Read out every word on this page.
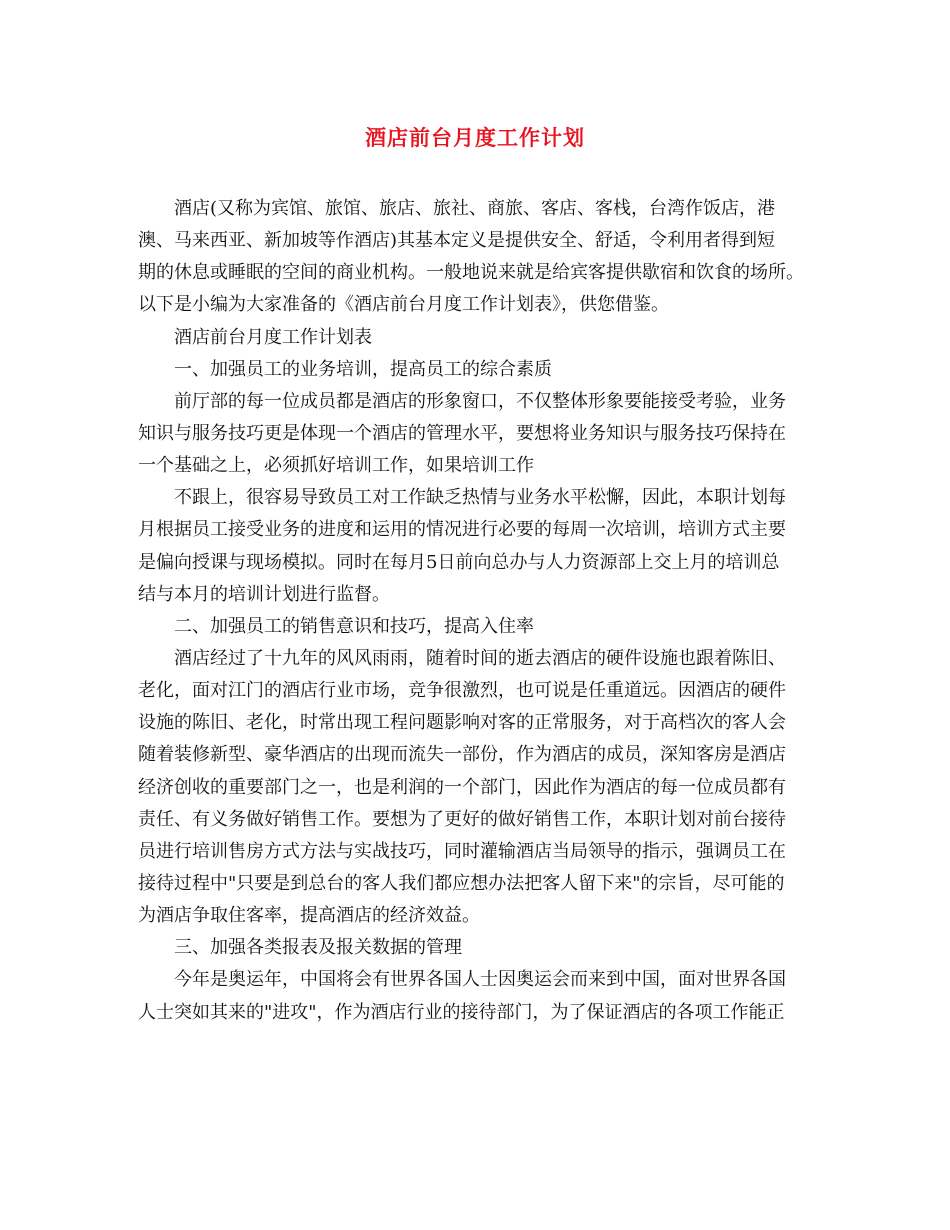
酒店前台月度工作计划
酒店(又称为宾馆、旅馆、旅店、旅社、商旅、客店、客栈，台湾作饭店，港
澳、马来西亚、新加坡等作酒店)其基本定义是提供安全、舒适，令利用者得到短
期的休息或睡眠的空间的商业机构。一般地说来就是给宾客提供歇宿和饮食的场所。
以下是小编为大家准备的《酒店前台月度工作计划表》，供您借鉴。
酒店前台月度工作计划表
一、加强员工的业务培训，提高员工的综合素质
前厅部的每一位成员都是酒店的形象窗口，不仅整体形象要能接受考验，业务
知识与服务技巧更是体现一个酒店的管理水平，要想将业务知识与服务技巧保持在
一个基础之上，必须抓好培训工作，如果培训工作
不跟上，很容易导致员工对工作缺乏热情与业务水平松懈，因此，本职计划每
月根据员工接受业务的进度和运用的情况进行必要的每周一次培训，培训方式主要
是偏向授课与现场模拟。同时在每月5日前向总办与人力资源部上交上月的培训总
结与本月的培训计划进行监督。
二、加强员工的销售意识和技巧，提高入住率
酒店经过了十九年的风风雨雨，随着时间的逝去酒店的硬件设施也跟着陈旧、
老化，面对江门的酒店行业市场，竞争很激烈，也可说是任重道远。因酒店的硬件
设施的陈旧、老化，时常出现工程问题影响对客的正常服务，对于高档次的客人会
随着装修新型、豪华酒店的出现而流失一部份，作为酒店的成员，深知客房是酒店
经济创收的重要部门之一，也是利润的一个部门，因此作为酒店的每一位成员都有
责任、有义务做好销售工作。要想为了更好的做好销售工作，本职计划对前台接待
员进行培训售房方式方法与实战技巧，同时灌输酒店当局领导的指示，强调员工在
接待过程中"只要是到总台的客人我们都应想办法把客人留下来"的宗旨，尽可能的
为酒店争取住客率，提高酒店的经济效益。
三、加强各类报表及报关数据的管理
今年是奥运年，中国将会有世界各国人士因奥运会而来到中国，面对世界各国
人士突如其来的"进攻"，作为酒店行业的接待部门，为了保证酒店的各项工作能正
